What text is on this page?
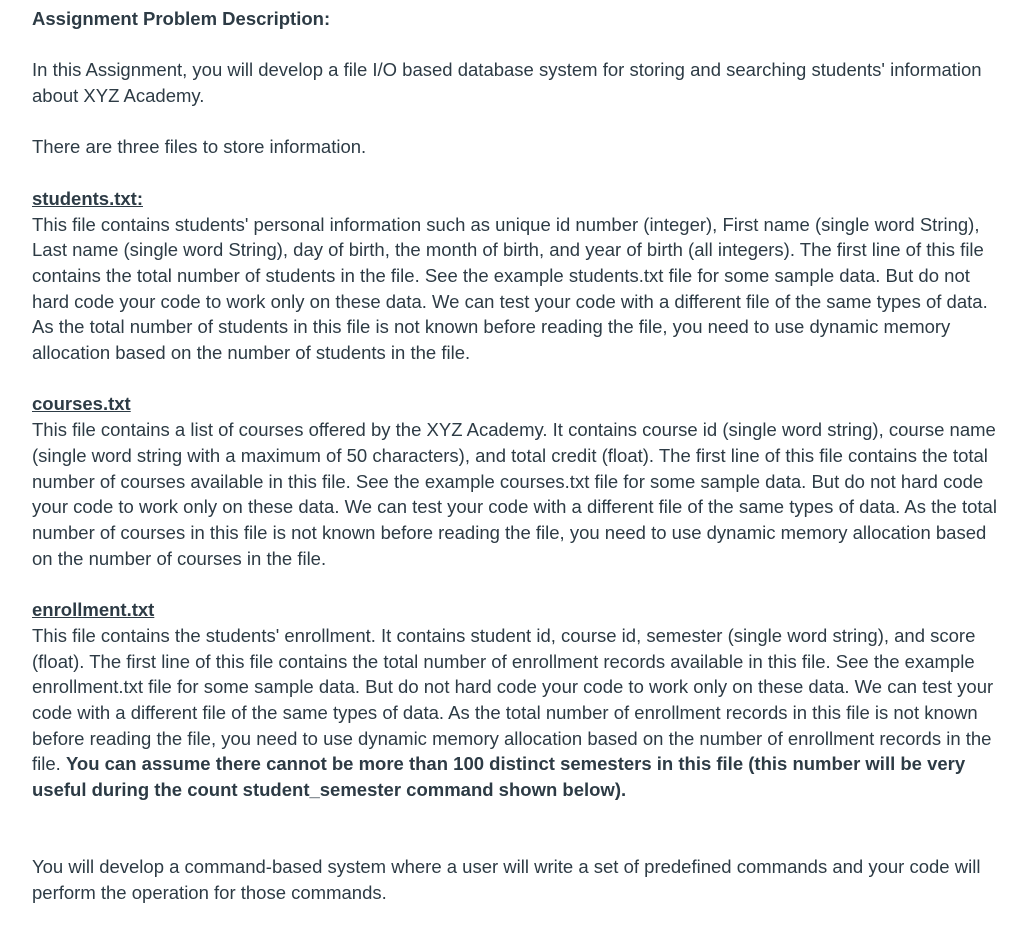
Assignment Problem Description:

In this Assignment, you will develop a file I/O based database system for storing and searching students' information about XYZ Academy.

There are three files to store information.

students.txt:

This file contains students' personal information such as unique id number (integer), First name (single word String), Last name (single word String), day of birth, the month of birth, and year of birth (all integers). The first line of this file contains the total number of students in the file. See the example students.txt file for some sample data. But do not hard code your code to work only on these data. We can test your code with a different file of the same types of data. As the total number of students in this file is not known before reading the file, you need to use dynamic memory allocation based on the number of students in the file.

courses.txt

This file contains a list of courses offered by the XYZ Academy. It contains course id (single word string), course name (single word string with a maximum of 50 characters), and total credit (float). The first line of this file contains the total number of courses available in this file. See the example courses.txt file for some sample data. But do not hard code your code to work only on these data. We can test your code with a different file of the same types of data. As the total number of courses in this file is not known before reading the file, you need to use dynamic memory allocation based on the number of courses in the file.

enrollment.txt

This file contains the students' enrollment. It contains student id, course id, semester (single word string), and score (float). The first line of this file contains the total number of enrollment records available in this file. See the example enrollment.txt file for some sample data. But do not hard code your code to work only on these data. We can test your code with a different file of the same types of data. As the total number of enrollment records in this file is not known before reading the file, you need to use dynamic memory allocation based on the number of enrollment records in the file. You can assume there cannot be more than 100 distinct semesters in this file (this number will be very useful during the count student_semester command shown below).

You will develop a command-based system where a user will write a set of predefined commands and your code will perform the operation for those commands.
